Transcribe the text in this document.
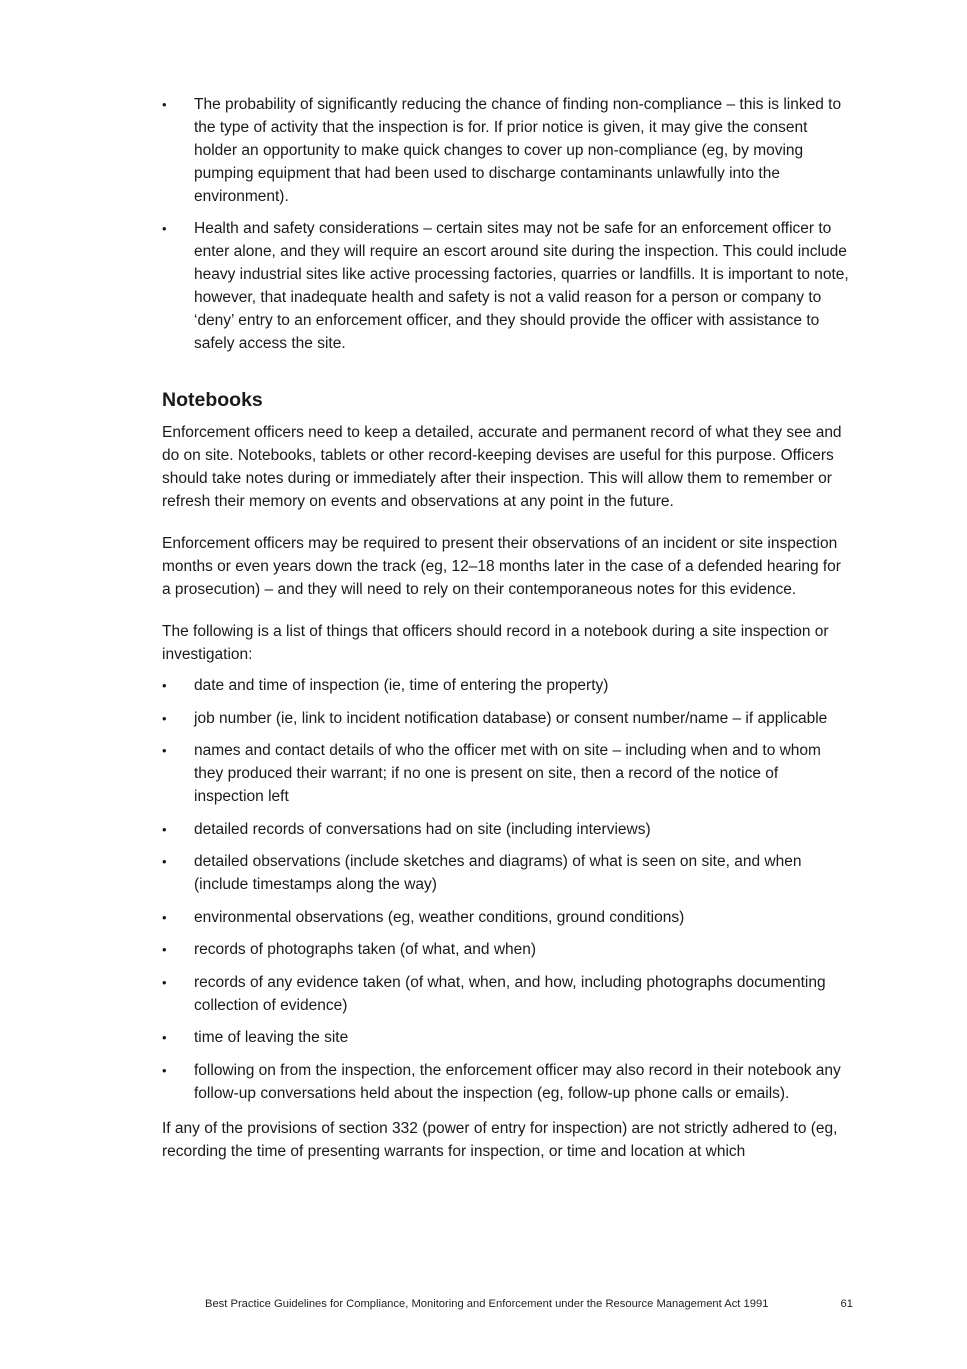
•	The probability of significantly reducing the chance of finding non-compliance – this is linked to the type of activity that the inspection is for. If prior notice is given, it may give the consent holder an opportunity to make quick changes to cover up non-compliance (eg, by moving pumping equipment that had been used to discharge contaminants unlawfully into the environment).
•	Health and safety considerations – certain sites may not be safe for an enforcement officer to enter alone, and they will require an escort around site during the inspection. This could include heavy industrial sites like active processing factories, quarries or landfills. It is important to note, however, that inadequate health and safety is not a valid reason for a person or company to ‘deny’ entry to an enforcement officer, and they should provide the officer with assistance to safely access the site.
Notebooks

Enforcement officers need to keep a detailed, accurate and permanent record of what they see and do on site. Notebooks, tablets or other record-keeping devises are useful for this purpose. Officers should take notes during or immediately after their inspection. This will allow them to remember or refresh their memory on events and observations at any point in the future.

Enforcement officers may be required to present their observations of an incident or site inspection months or even years down the track (eg, 12–18 months later in the case of a defended hearing for a prosecution) – and they will need to rely on their contemporaneous notes for this evidence.

The following is a list of things that officers should record in a notebook during a site inspection or investigation:

•	date and time of inspection (ie, time of entering the property)
•	job number (ie, link to incident notification database) or consent number/name – if applicable
•	names and contact details of who the officer met with on site – including when and to whom they produced their warrant; if no one is present on site, then a record of the notice of inspection left
•	detailed records of conversations had on site (including interviews)
•	detailed observations (include sketches and diagrams) of what is seen on site, and when (include timestamps along the way)
•	environmental observations (eg, weather conditions, ground conditions)
•	records of photographs taken (of what, and when)
•	records of any evidence taken (of what, when, and how, including photographs documenting collection of evidence)
•	time of leaving the site
•	following on from the inspection, the enforcement officer may also record in their notebook any follow-up conversations held about the inspection (eg, follow-up phone calls or emails).

If any of the provisions of section 332 (power of entry for inspection) are not strictly adhered to (eg, recording the time of presenting warrants for inspection, or time and location at which

Best Practice Guidelines for Compliance, Monitoring and Enforcement under the Resource Management Act 1991	61
